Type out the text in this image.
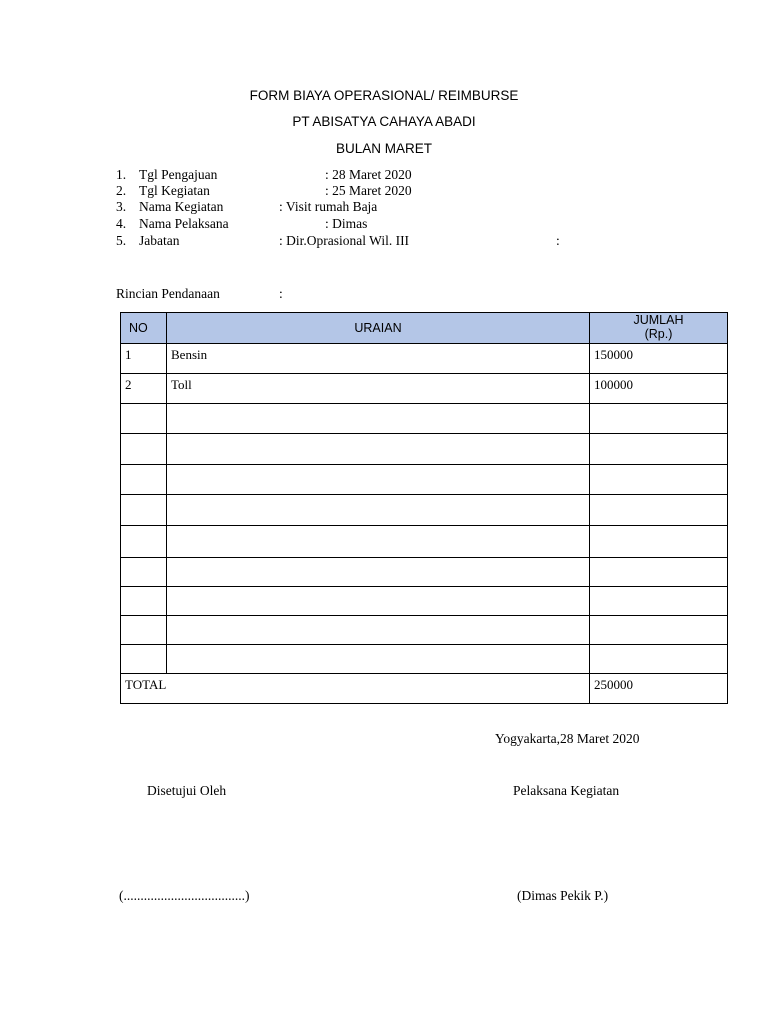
FORM BIAYA OPERASIONAL/ REIMBURSE
PT ABISATYA CAHAYA ABADI
BULAN MARET
1. Tgl Pengajuan	: 28 Maret 2020
2. Tgl Kegiatan	: 25 Maret 2020
3. Nama Kegiatan	: Visit rumah Baja
4. Nama Pelaksana	: Dimas
5. Jabatan	: Dir.Oprasional Wil. III	:
Rincian Pendanaan	:
NO	URAIAN	JUMLAH
(Rp.)

1	Bensin	150000
2	Toll	100000

TOTAL		250000
Yogyakarta,28 Maret 2020
Disetujui Oleh	Pelaksana Kegiatan
(....................................)	(Dimas Pekik P.)
